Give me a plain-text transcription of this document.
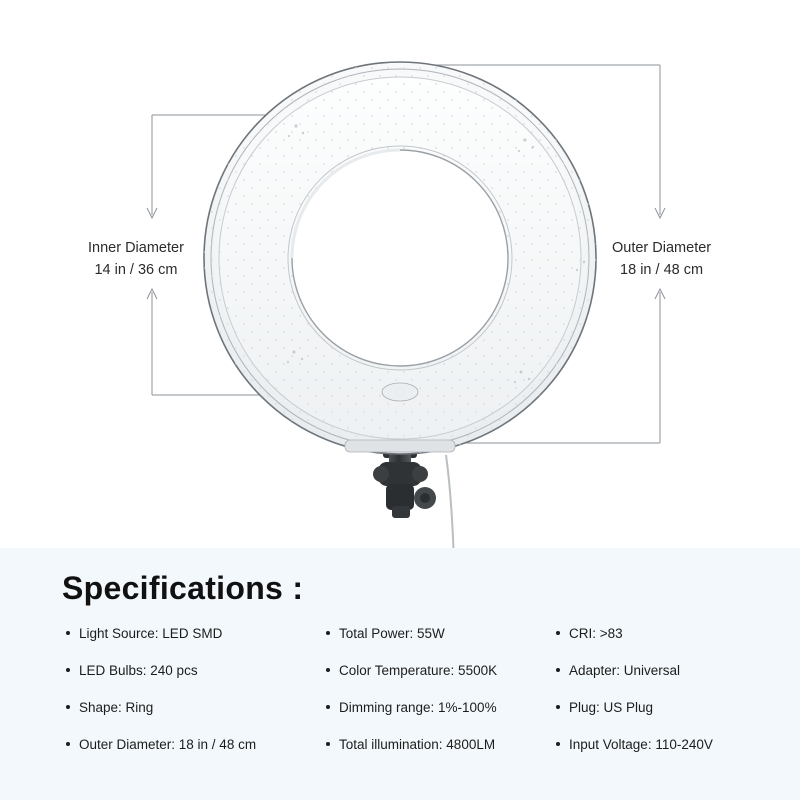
Inner Diameter
14 in / 36 cm
Outer Diameter
18 in / 48 cm
Specifications :
Light Source: LED SMD
LED Bulbs: 240 pcs
Shape: Ring
Outer Diameter: 18 in / 48 cm
Total Power: 55W
Color Temperature: 5500K
Dimming range: 1%-100%
Total illumination: 4800LM
CRI: >83
Adapter: Universal
Plug: US Plug
Input Voltage: 110-240V
